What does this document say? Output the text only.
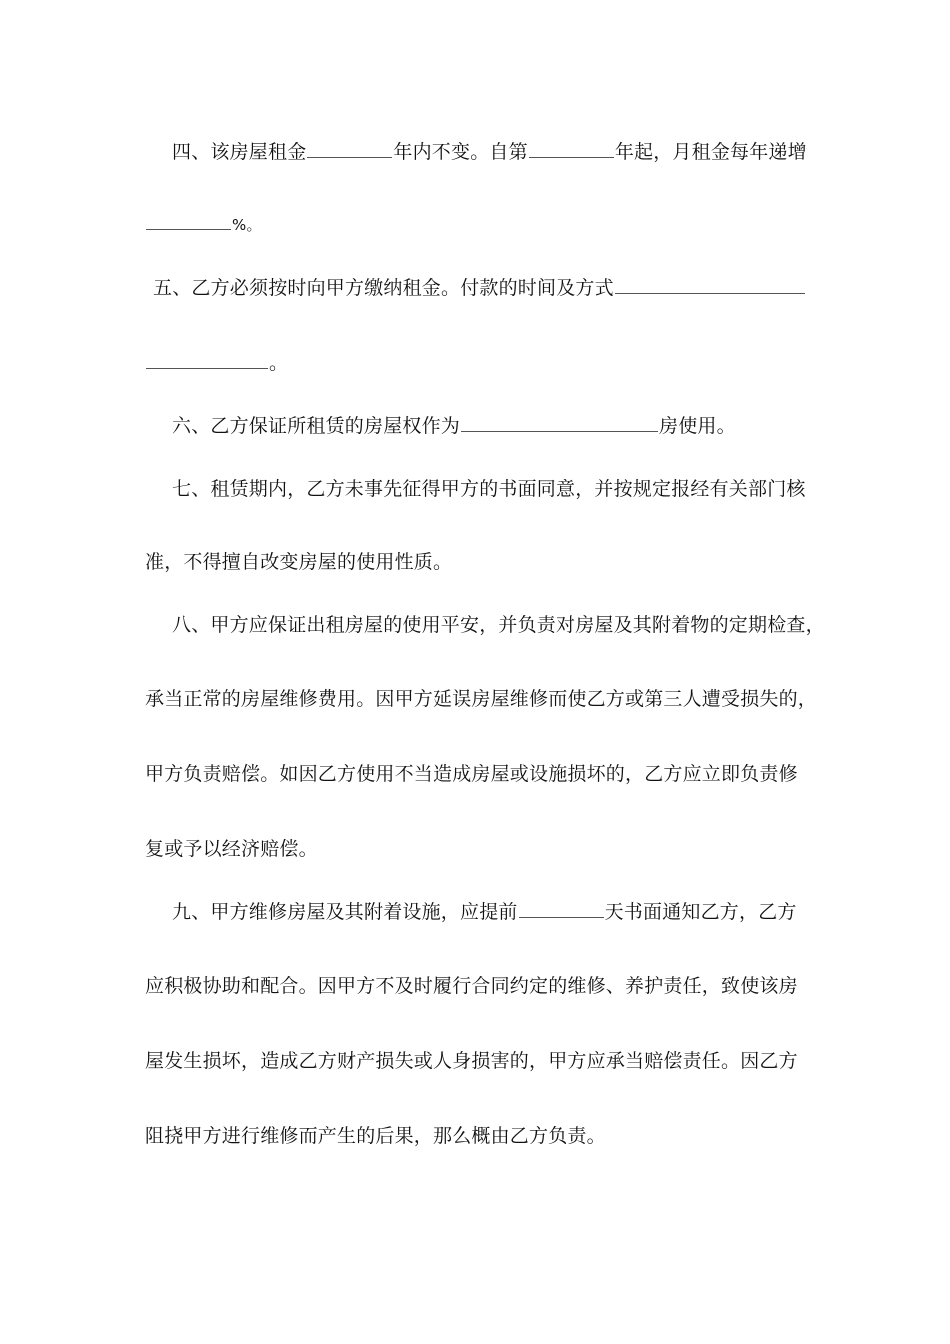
四、该房屋租金	年内不变。自第	年起，月租金每年递增
%。
五、乙方必须按时向甲方缴纳租金。付款的时间及方式
。
六、乙方保证所租赁的房屋权作为	房使用。
七、租赁期内，乙方未事先征得甲方的书面同意，并按规定报经有关部门核
准，不得擅自改变房屋的使用性质。
八、甲方应保证出租房屋的使用平安，并负责对房屋及其附着物的定期检查，
承当正常的房屋维修费用。因甲方延误房屋维修而使乙方或第三人遭受损失的，
甲方负责赔偿。如因乙方使用不当造成房屋或设施损坏的，乙方应立即负责修
复或予以经济赔偿。
九、甲方维修房屋及其附着设施，应提前	天书面通知乙方，乙方
应积极协助和配合。因甲方不及时履行合同约定的维修、养护责任，致使该房
屋发生损坏，造成乙方财产损失或人身损害的，甲方应承当赔偿责任。因乙方
阻挠甲方进行维修而产生的后果，那么概由乙方负责。
